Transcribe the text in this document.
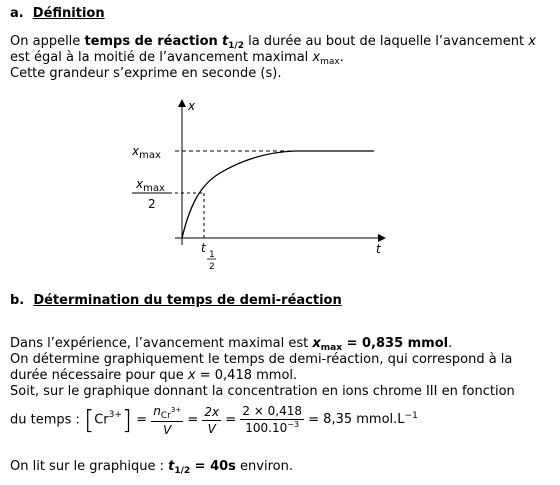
a. Définition
On appelle temps de réaction $t_{1/2}$ la durée au bout de laquelle l’avancement x
est égal à la moitié de l’avancement maximal $x_{max}$.
Cette grandeur s’exprime en seconde (s).
x
t
$x_{max}$
$x_{max}$
2
t 1
2
b. Détermination du temps de demi-réaction
Dans l’expérience, l’avancement maximal est $x_{max} = 0,835$ mmol.
On détermine graphiquement le temps de demi-réaction, qui correspond à la
durée nécessaire pour que x = 0,418 mmol.
Soit, sur le graphique donnant la concentration en ions chrome III en fonction
du temps : $[Cr^{3+}] = \frac{n_{Cr}^{3+}}{V} = \frac{2x}{V} = \frac{2 \times 0,418}{100.10^{-3}} = 8,35$ $mmol.L^{-1}$
On lit sur le graphique : $t_{1/2} = 40s$ environ.
